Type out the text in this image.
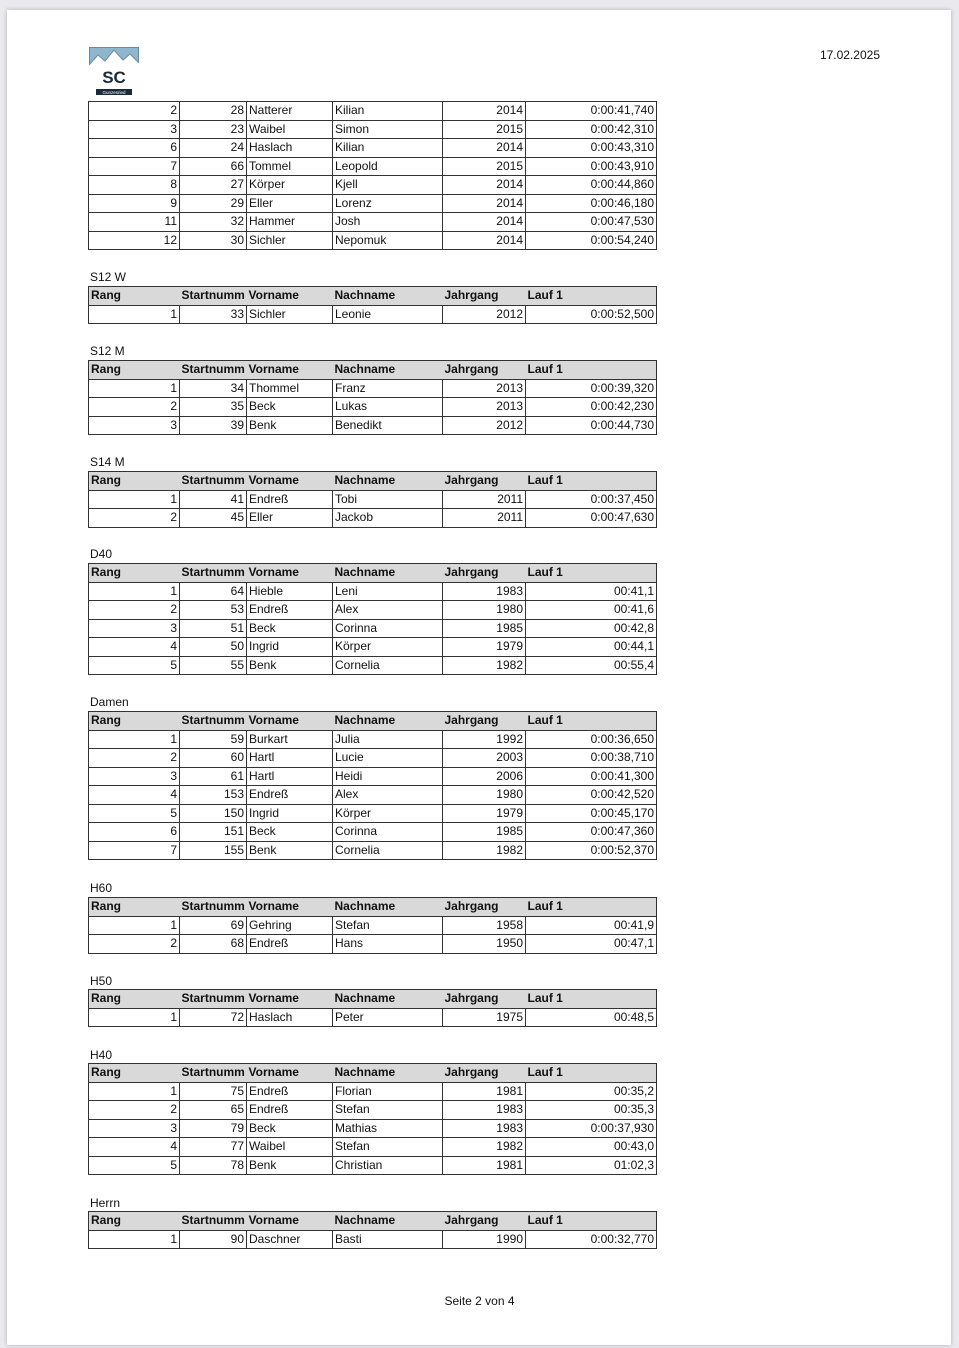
17.02.2025
SC
Gunzesried
2	28	Natterer	Kilian	2014	0:00:41,740
3	23	Waibel	Simon	2015	0:00:42,310
6	24	Haslach	Kilian	2014	0:00:43,310
7	66	Tommel	Leopold	2015	0:00:43,910
8	27	Körper	Kjell	2014	0:00:44,860
9	29	Eller	Lorenz	2014	0:00:46,180
11	32	Hammer	Josh	2014	0:00:47,530
12	30	Sichler	Nepomuk	2014	0:00:54,240
S12 W
Rang	Startnumm	Vorname	Nachname	Jahrgang	Lauf 1
1	33	Sichler	Leonie	2012	0:00:52,500
S12 M
Rang	Startnumm	Vorname	Nachname	Jahrgang	Lauf 1
1	34	Thommel	Franz	2013	0:00:39,320
2	35	Beck	Lukas	2013	0:00:42,230
3	39	Benk	Benedikt	2012	0:00:44,730
S14 M
Rang	Startnumm	Vorname	Nachname	Jahrgang	Lauf 1
1	41	Endreß	Tobi	2011	0:00:37,450
2	45	Eller	Jackob	2011	0:00:47,630
D40
Rang	Startnumm	Vorname	Nachname	Jahrgang	Lauf 1
1	64	Hieble	Leni	1983	00:41,1
2	53	Endreß	Alex	1980	00:41,6
3	51	Beck	Corinna	1985	00:42,8
4	50	Ingrid	Körper	1979	00:44,1
5	55	Benk	Cornelia	1982	00:55,4
Damen
Rang	Startnumm	Vorname	Nachname	Jahrgang	Lauf 1
1	59	Burkart	Julia	1992	0:00:36,650
2	60	Hartl	Lucie	2003	0:00:38,710
3	61	Hartl	Heidi	2006	0:00:41,300
4	153	Endreß	Alex	1980	0:00:42,520
5	150	Ingrid	Körper	1979	0:00:45,170
6	151	Beck	Corinna	1985	0:00:47,360
7	155	Benk	Cornelia	1982	0:00:52,370
H60
Rang	Startnumm	Vorname	Nachname	Jahrgang	Lauf 1
1	69	Gehring	Stefan	1958	00:41,9
2	68	Endreß	Hans	1950	00:47,1
H50
Rang	Startnumm	Vorname	Nachname	Jahrgang	Lauf 1
1	72	Haslach	Peter	1975	00:48,5
H40
Rang	Startnumm	Vorname	Nachname	Jahrgang	Lauf 1
1	75	Endreß	Florian	1981	00:35,2
2	65	Endreß	Stefan	1983	00:35,3
3	79	Beck	Mathias	1983	0:00:37,930
4	77	Waibel	Stefan	1982	00:43,0
5	78	Benk	Christian	1981	01:02,3
Herrn
Rang	Startnumm	Vorname	Nachname	Jahrgang	Lauf 1
1	90	Daschner	Basti	1990	0:00:32,770
Seite 2 von 4
